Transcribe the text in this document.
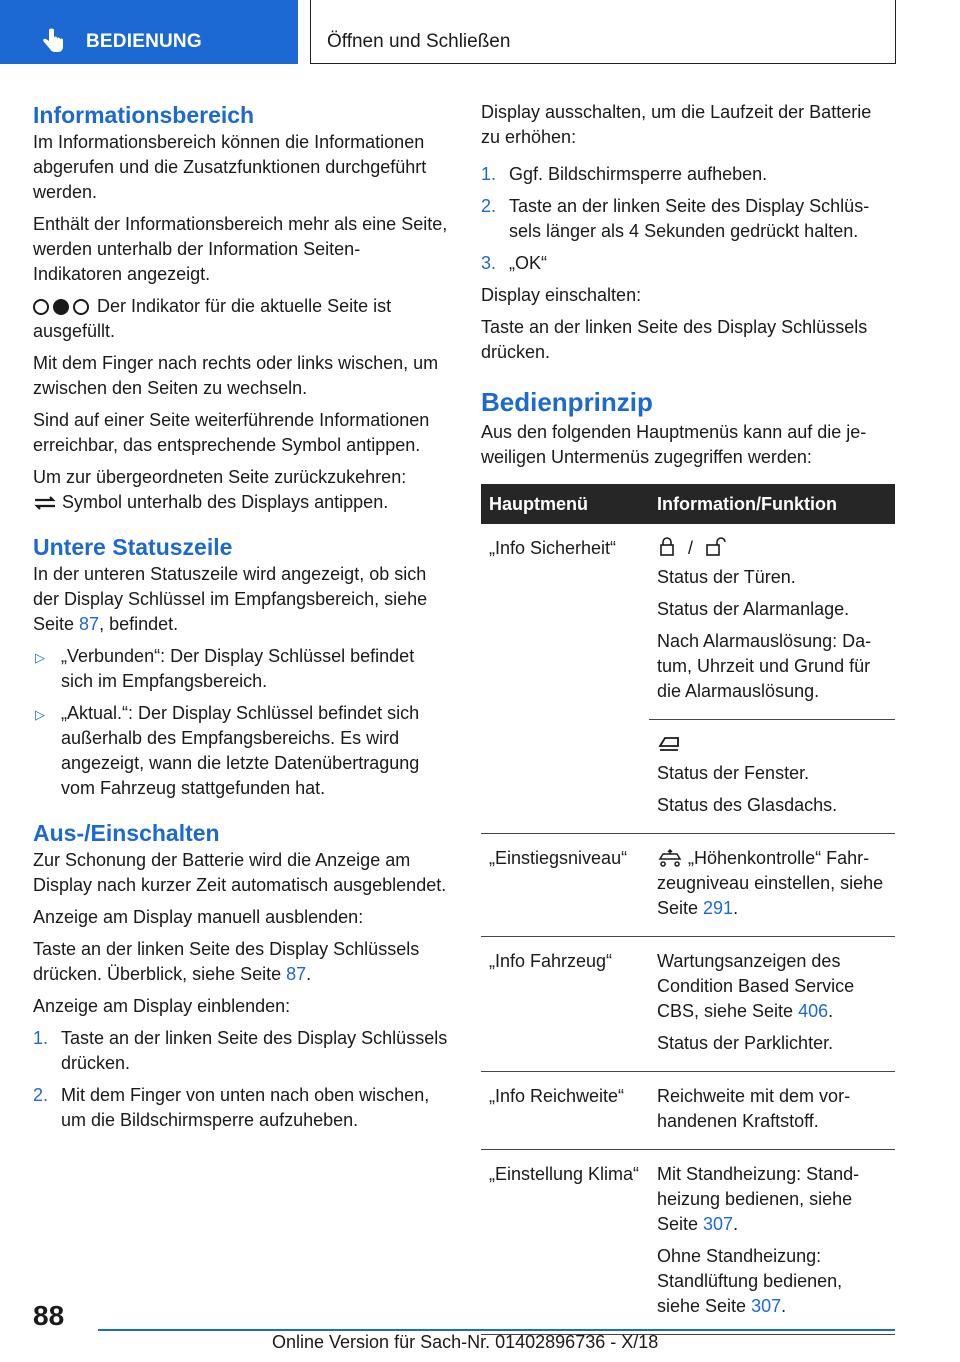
BEDIENUNG	Öffnen und Schließen
Informationsbereich

Im Informationsbereich können die Informationen abgerufen und die Zusatzfunktionen durchgeführt werden.

Enthält der Informationsbereich mehr als eine Seite, werden unterhalb der Information Seiten-Indikatoren angezeigt.

Der Indikator für die aktuelle Seite ist ausgefüllt.

Mit dem Finger nach rechts oder links wischen, um zwischen den Seiten zu wechseln.

Sind auf einer Seite weiterführende Informationen erreichbar, das entsprechende Symbol antippen.

Um zur übergeordneten Seite zurückzukehren:

Symbol unterhalb des Displays antippen.

Untere Statuszeile

In der unteren Statuszeile wird angezeigt, ob sich der Display Schlüssel im Empfangsbereich, siehe Seite 87, befindet.

▷ „Verbunden“: Der Display Schlüssel befindet sich im Empfangsbereich.
▷ „Aktual.“: Der Display Schlüssel befindet sich außerhalb des Empfangsbereichs. Es wird angezeigt, wann die letzte Datenübertragung vom Fahrzeug stattgefunden hat.
Aus-/Einschalten

Zur Schonung der Batterie wird die Anzeige am Display nach kurzer Zeit automatisch ausgeblendet.

Anzeige am Display manuell ausblenden:

Taste an der linken Seite des Display Schlüssels drücken. Überblick, siehe Seite 87.

Anzeige am Display einblenden:

1. Taste an der linken Seite des Display Schlüssels drücken.
2. Mit dem Finger von unten nach oben wischen, um die Bildschirmsperre aufzuheben.

Display ausschalten, um die Laufzeit der Batterie zu erhöhen:

1. Ggf. Bildschirmsperre aufheben.
2. Taste an der linken Seite des Display Schlüssels länger als 4 Sekunden gedrückt halten.
3. „OK“

Display einschalten:

Taste an der linken Seite des Display Schlüssels drücken.

Bedienprinzip

Aus den folgenden Hauptmenüs kann auf die jeweiligen Untermenüs zugegriffen werden:

Hauptmenü	Information/Funktion
„Info Sicherheit“	/

Status der Türen.

Status der Alarmanlage.

Nach Alarmauslösung: Datum, Uhrzeit und Grund für die Alarmauslösung.

	Status der Fenster.

Status des Glasdachs.

„Einstiegsniveau“	„Höhenkontrolle“ Fahrzeugniveau einstellen, siehe Seite 291.

„Info Fahrzeug“	Wartungsanzeigen des Condition Based Service CBS, siehe Seite 406.

Status der Parklichter.

„Info Reichweite“	Reichweite mit dem vorhandenen Kraftstoff.

„Einstellung Klima“	Mit Standheizung: Standheizung bedienen, siehe Seite 307.

Ohne Standheizung: Standlüftung bedienen, siehe Seite 307.

88
Online Version für Sach-Nr. 01402896736 - X/18
